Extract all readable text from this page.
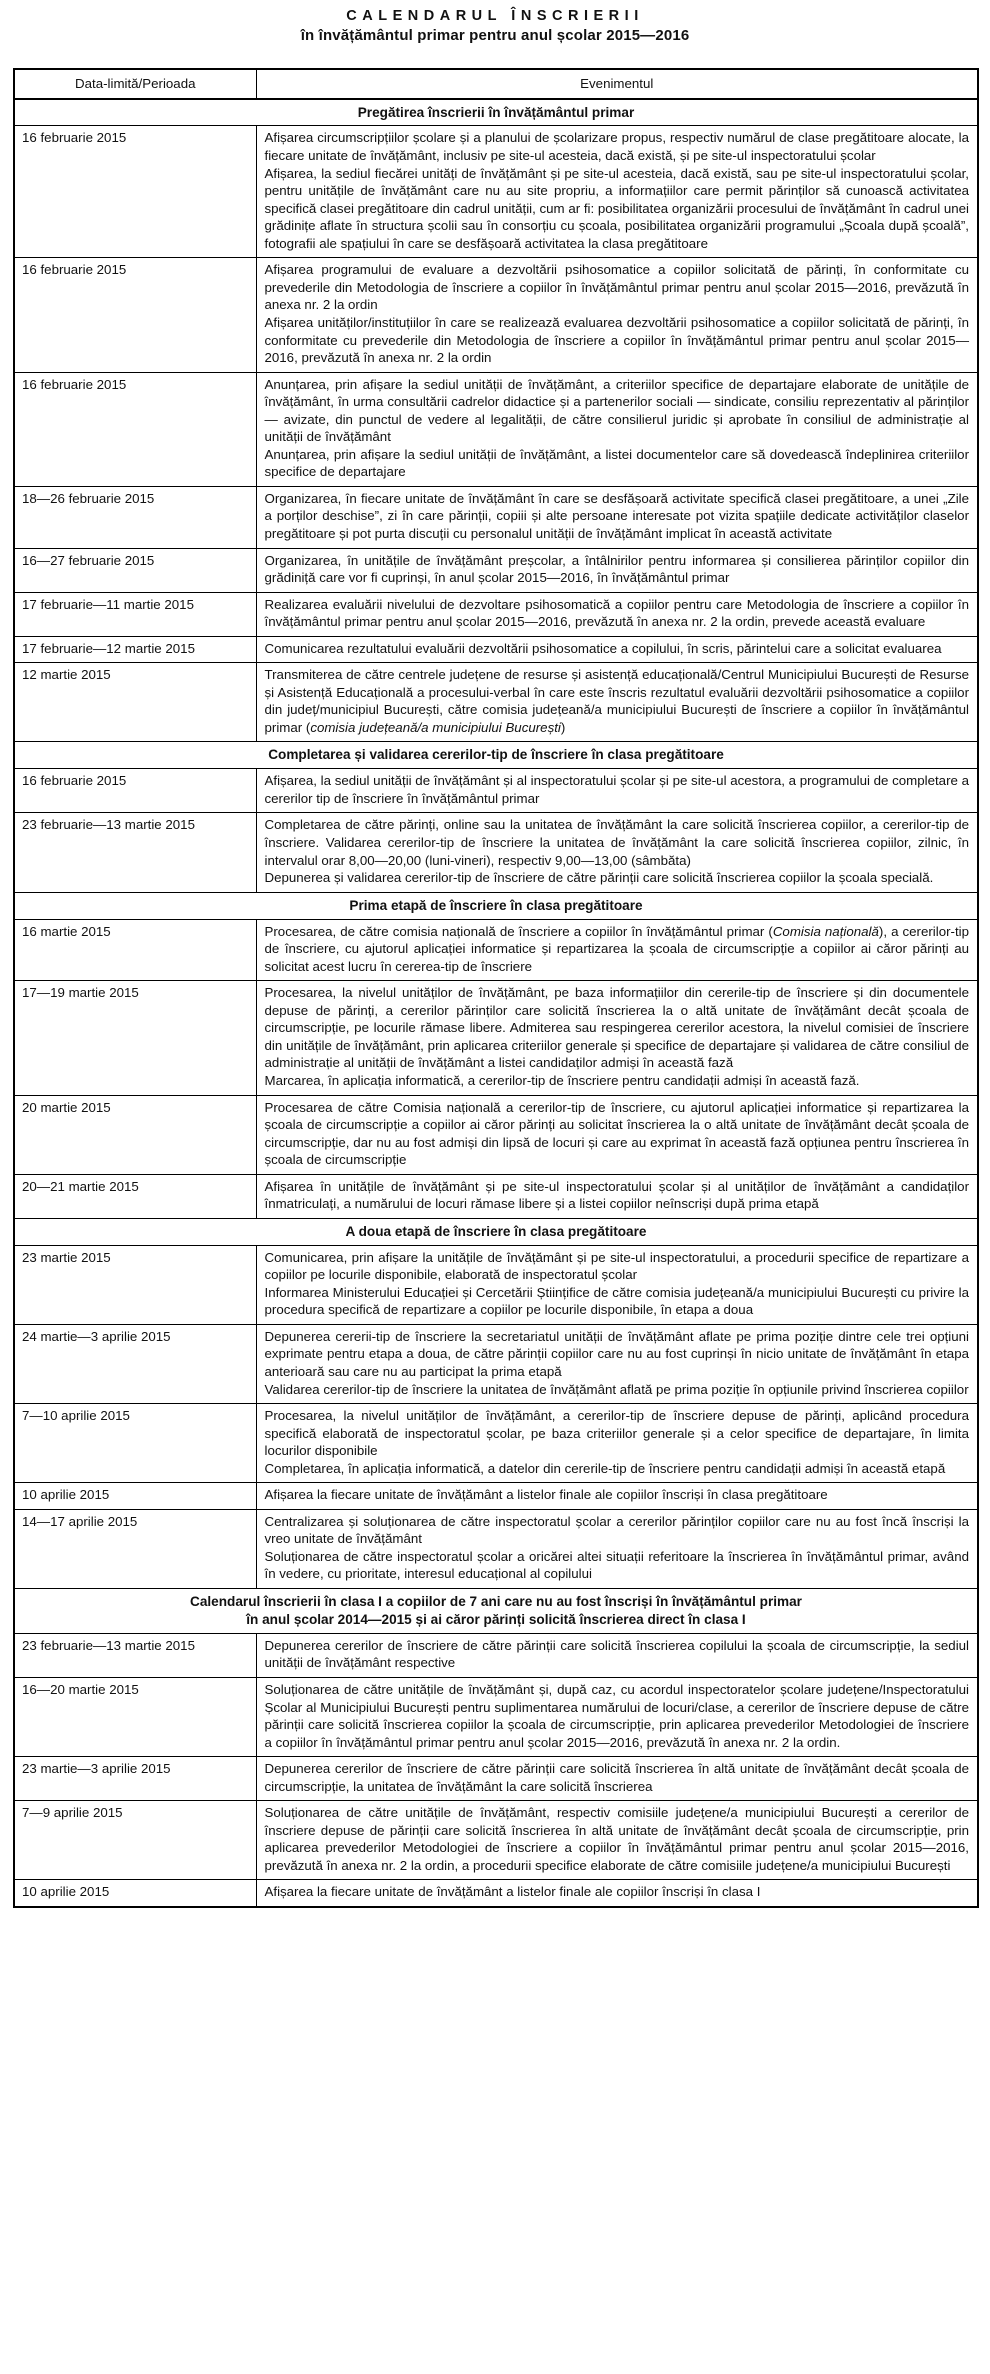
CALENDARUL ÎNSCRIERII
în învățământul primar pentru anul școlar 2015—2016
Data-limită/Perioada	Evenimentul
Pregătirea înscrierii în învățământul primar	
16 februarie 2015	Afișarea circumscripțiilor școlare și a planului de școlarizare propus, respectiv numărul de clase pregătitoare alocate, la fiecare unitate de învățământ, inclusiv pe site-ul acesteia, dacă există, și pe site-ul inspectoratului școlar

Afișarea, la sediul fiecărei unități de învățământ și pe site-ul acesteia, dacă există, sau pe site-ul inspectoratului școlar, pentru unitățile de învățământ care nu au site propriu, a informațiilor care permit părinților să cunoască activitatea specifică clasei pregătitoare din cadrul unității, cum ar fi: posibilitatea organizării procesului de învățământ în cadrul unei grădinițe aflate în structura școlii sau în consorțiu cu școala, posibilitatea organizării programului „Școala după școală”, fotografii ale spațiului în care se desfășoară activitatea la clasa pregătitoare

16 februarie 2015	Afișarea programului de evaluare a dezvoltării psihosomatice a copiilor solicitată de părinți, în conformitate cu prevederile din Metodologia de înscriere a copiilor în învățământul primar pentru anul școlar 2015—2016, prevăzută în anexa nr. 2 la ordin

Afișarea unităților/instituțiilor în care se realizează evaluarea dezvoltării psihosomatice a copiilor solicitată de părinți, în conformitate cu prevederile din Metodologia de înscriere a copiilor în învățământul primar pentru anul școlar 2015—2016, prevăzută în anexa nr. 2 la ordin

16 februarie 2015	Anunțarea, prin afișare la sediul unității de învățământ, a criteriilor specifice de departajare elaborate de unitățile de învățământ, în urma consultării cadrelor didactice și a partenerilor sociali — sindicate, consiliu reprezentativ al părinților — avizate, din punctul de vedere al legalității, de către consilierul juridic și aprobate în consiliul de administrație al unității de învățământ

Anunțarea, prin afișare la sediul unității de învățământ, a listei documentelor care să dovedească îndeplinirea criteriilor specifice de departajare

18—26 februarie 2015	Organizarea, în fiecare unitate de învățământ în care se desfășoară activitate specifică clasei pregătitoare, a unei „Zile a porților deschise”, zi în care părinții, copiii și alte persoane interesate pot vizita spațiile dedicate activităților claselor pregătitoare și pot purta discuții cu personalul unității de învățământ implicat în această activitate

16—27 februarie 2015	Organizarea, în unitățile de învățământ preșcolar, a întâlnirilor pentru informarea și consilierea părinților copiilor din grădiniță care vor fi cuprinși, în anul școlar 2015—2016, în învățământul primar

17 februarie—11 martie 2015	Realizarea evaluării nivelului de dezvoltare psihosomatică a copiilor pentru care Metodologia de înscriere a copiilor în învățământul primar pentru anul școlar 2015—2016, prevăzută în anexa nr. 2 la ordin, prevede această evaluare

17 februarie—12 martie 2015	Comunicarea rezultatului evaluării dezvoltării psihosomatice a copilului, în scris, părintelui care a solicitat evaluarea

12 martie 2015	Transmiterea de către centrele județene de resurse și asistență educațională/Centrul Municipiului București de Resurse și Asistență Educațională a procesului-verbal în care este înscris rezultatul evaluării dezvoltării psihosomatice a copiilor din județ/municipiul București, către comisia județeană/a municipiului București de înscriere a copiilor în învățământul primar (comisia județeană/a municipiului București)

Completarea și validarea cererilor-tip de înscriere în clasa pregătitoare	
16 februarie 2015	Afișarea, la sediul unității de învățământ și al inspectoratului școlar și pe site-ul acestora, a programului de completare a cererilor tip de înscriere în învățământul primar

23 februarie—13 martie 2015	Completarea de către părinți, online sau la unitatea de învățământ la care solicită înscrierea copiilor, a cererilor-tip de înscriere. Validarea cererilor-tip de înscriere la unitatea de învățământ la care solicită înscrierea copiilor, zilnic, în intervalul orar 8,00—20,00 (luni-vineri), respectiv 9,00—13,00 (sâmbăta)

Depunerea și validarea cererilor-tip de înscriere de către părinții care solicită înscrierea copiilor la școala specială.

Prima etapă de înscriere în clasa pregătitoare	
16 martie 2015	Procesarea, de către comisia națională de înscriere a copiilor în învățământul primar (Comisia națională), a cererilor-tip de înscriere, cu ajutorul aplicației informatice și repartizarea la școala de circumscripție a copiilor ai căror părinți au solicitat acest lucru în cererea-tip de înscriere

17—19 martie 2015	Procesarea, la nivelul unităților de învățământ, pe baza informațiilor din cererile-tip de înscriere și din documentele depuse de părinți, a cererilor părinților care solicită înscrierea la o altă unitate de învățământ decât școala de circumscripție, pe locurile rămase libere. Admiterea sau respingerea cererilor acestora, la nivelul comisiei de înscriere din unitățile de învățământ, prin aplicarea criteriilor generale și specifice de departajare și validarea de către consiliul de administrație al unității de învățământ a listei candidaților admiși în această fază

Marcarea, în aplicația informatică, a cererilor-tip de înscriere pentru candidații admiși în această fază.

20 martie 2015	Procesarea de către Comisia națională a cererilor-tip de înscriere, cu ajutorul aplicației informatice și repartizarea la școala de circumscripție a copiilor ai căror părinți au solicitat înscrierea la o altă unitate de învățământ decât școala de circumscripție, dar nu au fost admiși din lipsă de locuri și care au exprimat în această fază opțiunea pentru înscrierea în școala de circumscripție

20—21 martie 2015	Afișarea în unitățile de învățământ și pe site-ul inspectoratului școlar și al unităților de învățământ a candidaților înmatriculați, a numărului de locuri rămase libere și a listei copiilor neînscriși după prima etapă

A doua etapă de înscriere în clasa pregătitoare	
23 martie 2015	Comunicarea, prin afișare la unitățile de învățământ și pe site-ul inspectoratului, a procedurii specifice de repartizare a copiilor pe locurile disponibile, elaborată de inspectoratul școlar

Informarea Ministerului Educației și Cercetării Științifice de către comisia județeană/a municipiului București cu privire la procedura specifică de repartizare a copiilor pe locurile disponibile, în etapa a doua

24 martie—3 aprilie 2015	Depunerea cererii-tip de înscriere la secretariatul unității de învățământ aflate pe prima poziție dintre cele trei opțiuni exprimate pentru etapa a doua, de către părinții copiilor care nu au fost cuprinși în nicio unitate de învățământ în etapa anterioară sau care nu au participat la prima etapă

Validarea cererilor-tip de înscriere la unitatea de învățământ aflată pe prima poziție în opțiunile privind înscrierea copiilor

7—10 aprilie 2015	Procesarea, la nivelul unităților de învățământ, a cererilor-tip de înscriere depuse de părinți, aplicând procedura specifică elaborată de inspectoratul școlar, pe baza criteriilor generale și a celor specifice de departajare, în limita locurilor disponibile

Completarea, în aplicația informatică, a datelor din cererile-tip de înscriere pentru candidații admiși în această etapă

10 aprilie 2015	Afișarea la fiecare unitate de învățământ a listelor finale ale copiilor înscriși în clasa pregătitoare

14—17 aprilie 2015	Centralizarea și soluționarea de către inspectoratul școlar a cererilor părinților copiilor care nu au fost încă înscriși la vreo unitate de învățământ

Soluționarea de către inspectoratul școlar a oricărei altei situații referitoare la înscrierea în învățământul primar, având în vedere, cu prioritate, interesul educațional al copilului

Calendarul înscrierii în clasa I a copiilor de 7 ani care nu au fost înscriși în învățământul primar
în anul școlar 2014—2015 și ai căror părinți solicită înscrierea direct în clasa I	
23 februarie—13 martie 2015	Depunerea cererilor de înscriere de către părinții care solicită înscrierea copilului la școala de circumscripție, la sediul unității de învățământ respective

16—20 martie 2015	Soluționarea de către unitățile de învățământ și, după caz, cu acordul inspectoratelor școlare județene/Inspectoratului Școlar al Municipiului București pentru suplimentarea numărului de locuri/clase, a cererilor de înscriere depuse de către părinții care solicită înscrierea copiilor la școala de circumscripție, prin aplicarea prevederilor Metodologiei de înscriere a copiilor în învățământul primar pentru anul școlar 2015—2016, prevăzută în anexa nr. 2 la ordin.

23 martie—3 aprilie 2015	Depunerea cererilor de înscriere de către părinții care solicită înscrierea în altă unitate de învățământ decât școala de circumscripție, la unitatea de învățământ la care solicită înscrierea

7—9 aprilie 2015	Soluționarea de către unitățile de învățământ, respectiv comisiile județene/a municipiului București a cererilor de înscriere depuse de părinții care solicită înscrierea în altă unitate de învățământ decât școala de circumscripție, prin aplicarea prevederilor Metodologiei de înscriere a copiilor în învățământul primar pentru anul școlar 2015—2016, prevăzută în anexa nr. 2 la ordin, a procedurii specifice elaborate de către comisiile județene/a municipiului București

10 aprilie 2015	Afișarea la fiecare unitate de învățământ a listelor finale ale copiilor înscriși în clasa I
